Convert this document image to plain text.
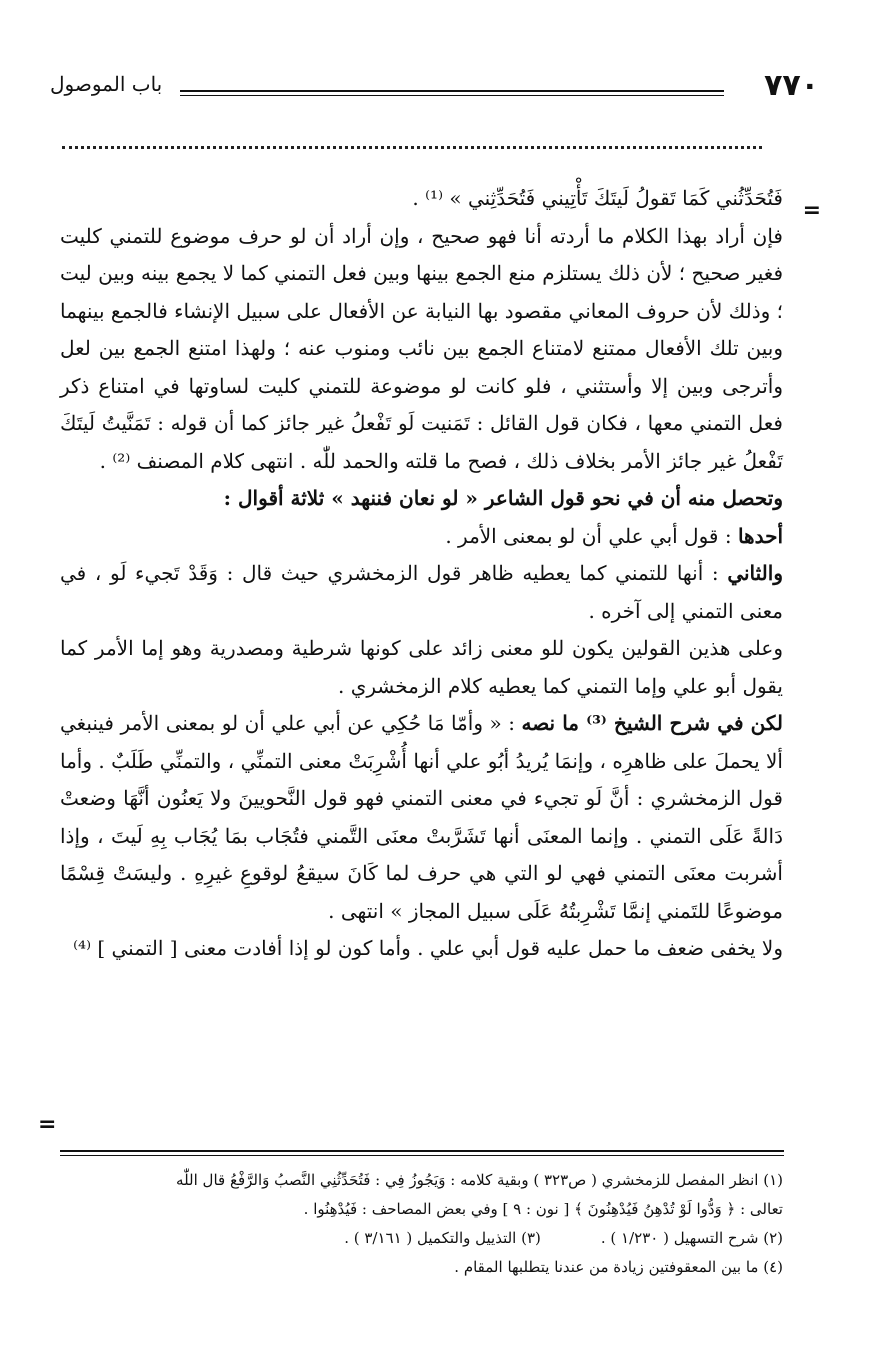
٧٧٠
باب الموصول
=

فَتُحَدِّثُني كَمَا تَقولُ لَيتَكَ تَأْتِيني فَتُحَدِّثِني » ⁽¹⁾ .

فإن أراد بهذا الكلام ما أردته أنا فهو صحيح ، وإن أراد أن لو حرف موضوع للتمني كليت فغير صحيح ؛ لأن ذلك يستلزم منع الجمع بينها وبين فعل التمني كما لا يجمع بينه وبين ليت ؛ وذلك لأن حروف المعاني مقصود بها النيابة عن الأفعال على سبيل الإنشاء فالجمع بينهما وبين تلك الأفعال ممتنع لامتناع الجمع بين نائب ومنوب عنه ؛ ولهذا امتنع الجمع بين لعل وأترجى وبين إلا وأستثني ، فلو كانت لو موضوعة للتمني كليت لساوتها في امتناع ذكر فعل التمني معها ، فكان قول القائل : تَمَنيت لَو تَفْعلُ غير جائز كما أن قوله : تَمَنَّيتُ لَيتَكَ تَفْعلُ غير جائز الأمر بخلاف ذلك ، فصح ما قلته والحمد للّٰه . انتهى كلام المصنف ⁽²⁾ .

وتحصل منه أن في نحو قول الشاعر « لو نعان فننهد » ثلاثة أقوال :

أحدها : قول أبي علي أن لو بمعنى الأمر .

والثاني : أنها للتمني كما يعطيه ظاهر قول الزمخشري حيث قال : وَقَدْ تَجيء لَو ، في معنى التمني إلى آخره .

وعلى هذين القولين يكون للو معنى زائد على كونها شرطية ومصدرية وهو إما الأمر كما يقول أبو علي وإما التمني كما يعطيه كلام الزمخشري .

لكن في شرح الشيخ ⁽³⁾ ما نصه : « وأمّا مَا حُكِي عن أبي علي أن لو بمعنى الأمر فينبغي ألا يحملَ على ظاهرِه ، وإنمَا يُريدُ أبُو علي أنها أُشْرِبَتْ معنى التمنِّي ، والتمنِّي طَلَبٌ . وأما قول الزمخشري : أنَّ لَو تجيء في معنى التمني فهو قول النَّحويينَ ولا يَعنُون أنَّهَا وضعتْ دَالةً عَلَى التمني . وإنما المعنَى أنها تَشَرَّبتْ معنَى التَّمني فتُجَاب بمَا يُجَاب بِهِ لَيتَ ، وإذا أشربت معنَى التمني فهي لو التي هي حرف لما كَانَ سيقعُ لوقوعِ غيرِهِ . وليسَتْ قِسْمًا موضوعًا للتَمني إنمَّا تَشْرِبتُهُ عَلَى سبيل المجاز » انتهى .

ولا يخفى ضعف ما حمل عليه قول أبي علي . وأما كون لو إذا أفادت معنى [ التمني ] ⁽⁴⁾

=

(١) انظر المفصل للزمخشري ( ص٣٢٣ ) وبقية كلامه : وَيَجُوزُ فِي : فَتُحَدِّثُنِي النَّصبُ وَالرَّفْعُ قال اللّٰه

تعالى : ﴿ وَدُّوا لَوْ تُدْهِنُ فَيُدْهِنُونَ ﴾ [ نون : ٩ ] وفي بعض المصاحف : فَيُدْهِنُوا .

(٢) شرح التسهيل ( ١/٢٣٠ ) .
(٣) التذييل والتكميل ( ٣/١٦١ ) .

(٤) ما بين المعقوفتين زيادة من عندنا يتطلبها المقام .
